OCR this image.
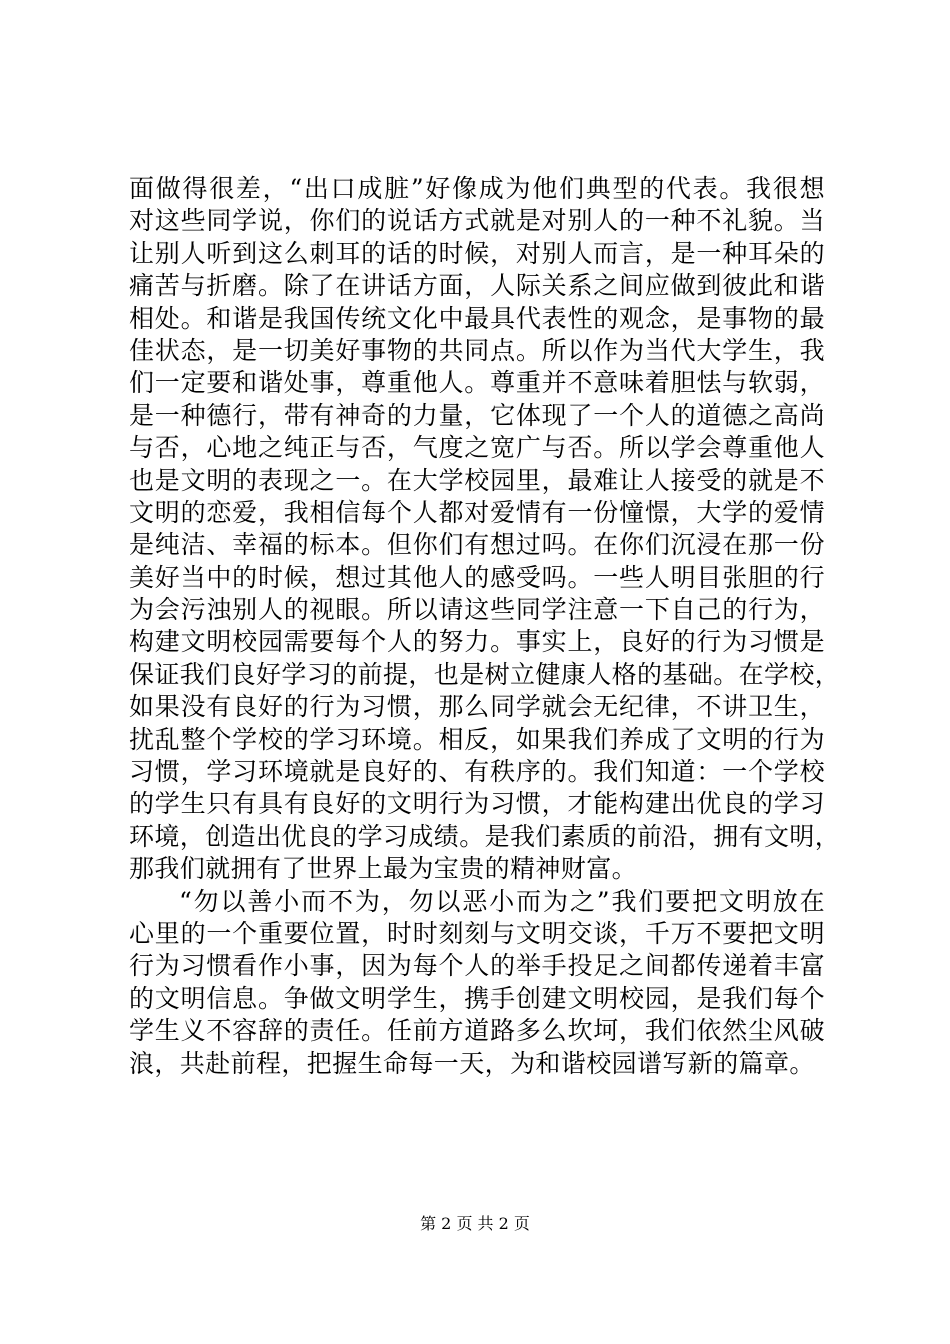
面做得很差，“出口成脏”好像成为他们典型的代表。我很想
对这些同学说，你们的说话方式就是对别人的一种不礼貌。当
让别人听到这么刺耳的话的时候，对别人而言，是一种耳朵的
痛苦与折磨。除了在讲话方面，人际关系之间应做到彼此和谐
相处。和谐是我国传统文化中最具代表性的观念，是事物的最
佳状态，是一切美好事物的共同点。所以作为当代大学生，我
们一定要和谐处事，尊重他人。尊重并不意味着胆怯与软弱，
是一种德行，带有神奇的力量，它体现了一个人的道德之高尚
与否，心地之纯正与否，气度之宽广与否。所以学会尊重他人
也是文明的表现之一。在大学校园里，最难让人接受的就是不
文明的恋爱，我相信每个人都对爱情有一份憧憬，大学的爱情
是纯洁、幸福的标本。但你们有想过吗。在你们沉浸在那一份
美好当中的时候，想过其他人的感受吗。一些人明目张胆的行
为会污浊别人的视眼。所以请这些同学注意一下自己的行为，
构建文明校园需要每个人的努力。事实上，良好的行为习惯是
保证我们良好学习的前提，也是树立健康人格的基础。在学校，
如果没有良好的行为习惯，那么同学就会无纪律，不讲卫生，
扰乱整个学校的学习环境。相反，如果我们养成了文明的行为
习惯，学习环境就是良好的、有秩序的。我们知道：一个学校
的学生只有具有良好的文明行为习惯，才能构建出优良的学习
环境，创造出优良的学习成绩。是我们素质的前沿，拥有文明，
那我们就拥有了世界上最为宝贵的精神财富。
“勿以善小而不为，勿以恶小而为之”我们要把文明放在
心里的一个重要位置，时时刻刻与文明交谈，千万不要把文明
行为习惯看作小事，因为每个人的举手投足之间都传递着丰富
的文明信息。争做文明学生，携手创建文明校园，是我们每个
学生义不容辞的责任。任前方道路多么坎坷，我们依然尘风破
浪，共赴前程，把握生命每一天，为和谐校园谱写新的篇章。
第 2 页 共 2 页
